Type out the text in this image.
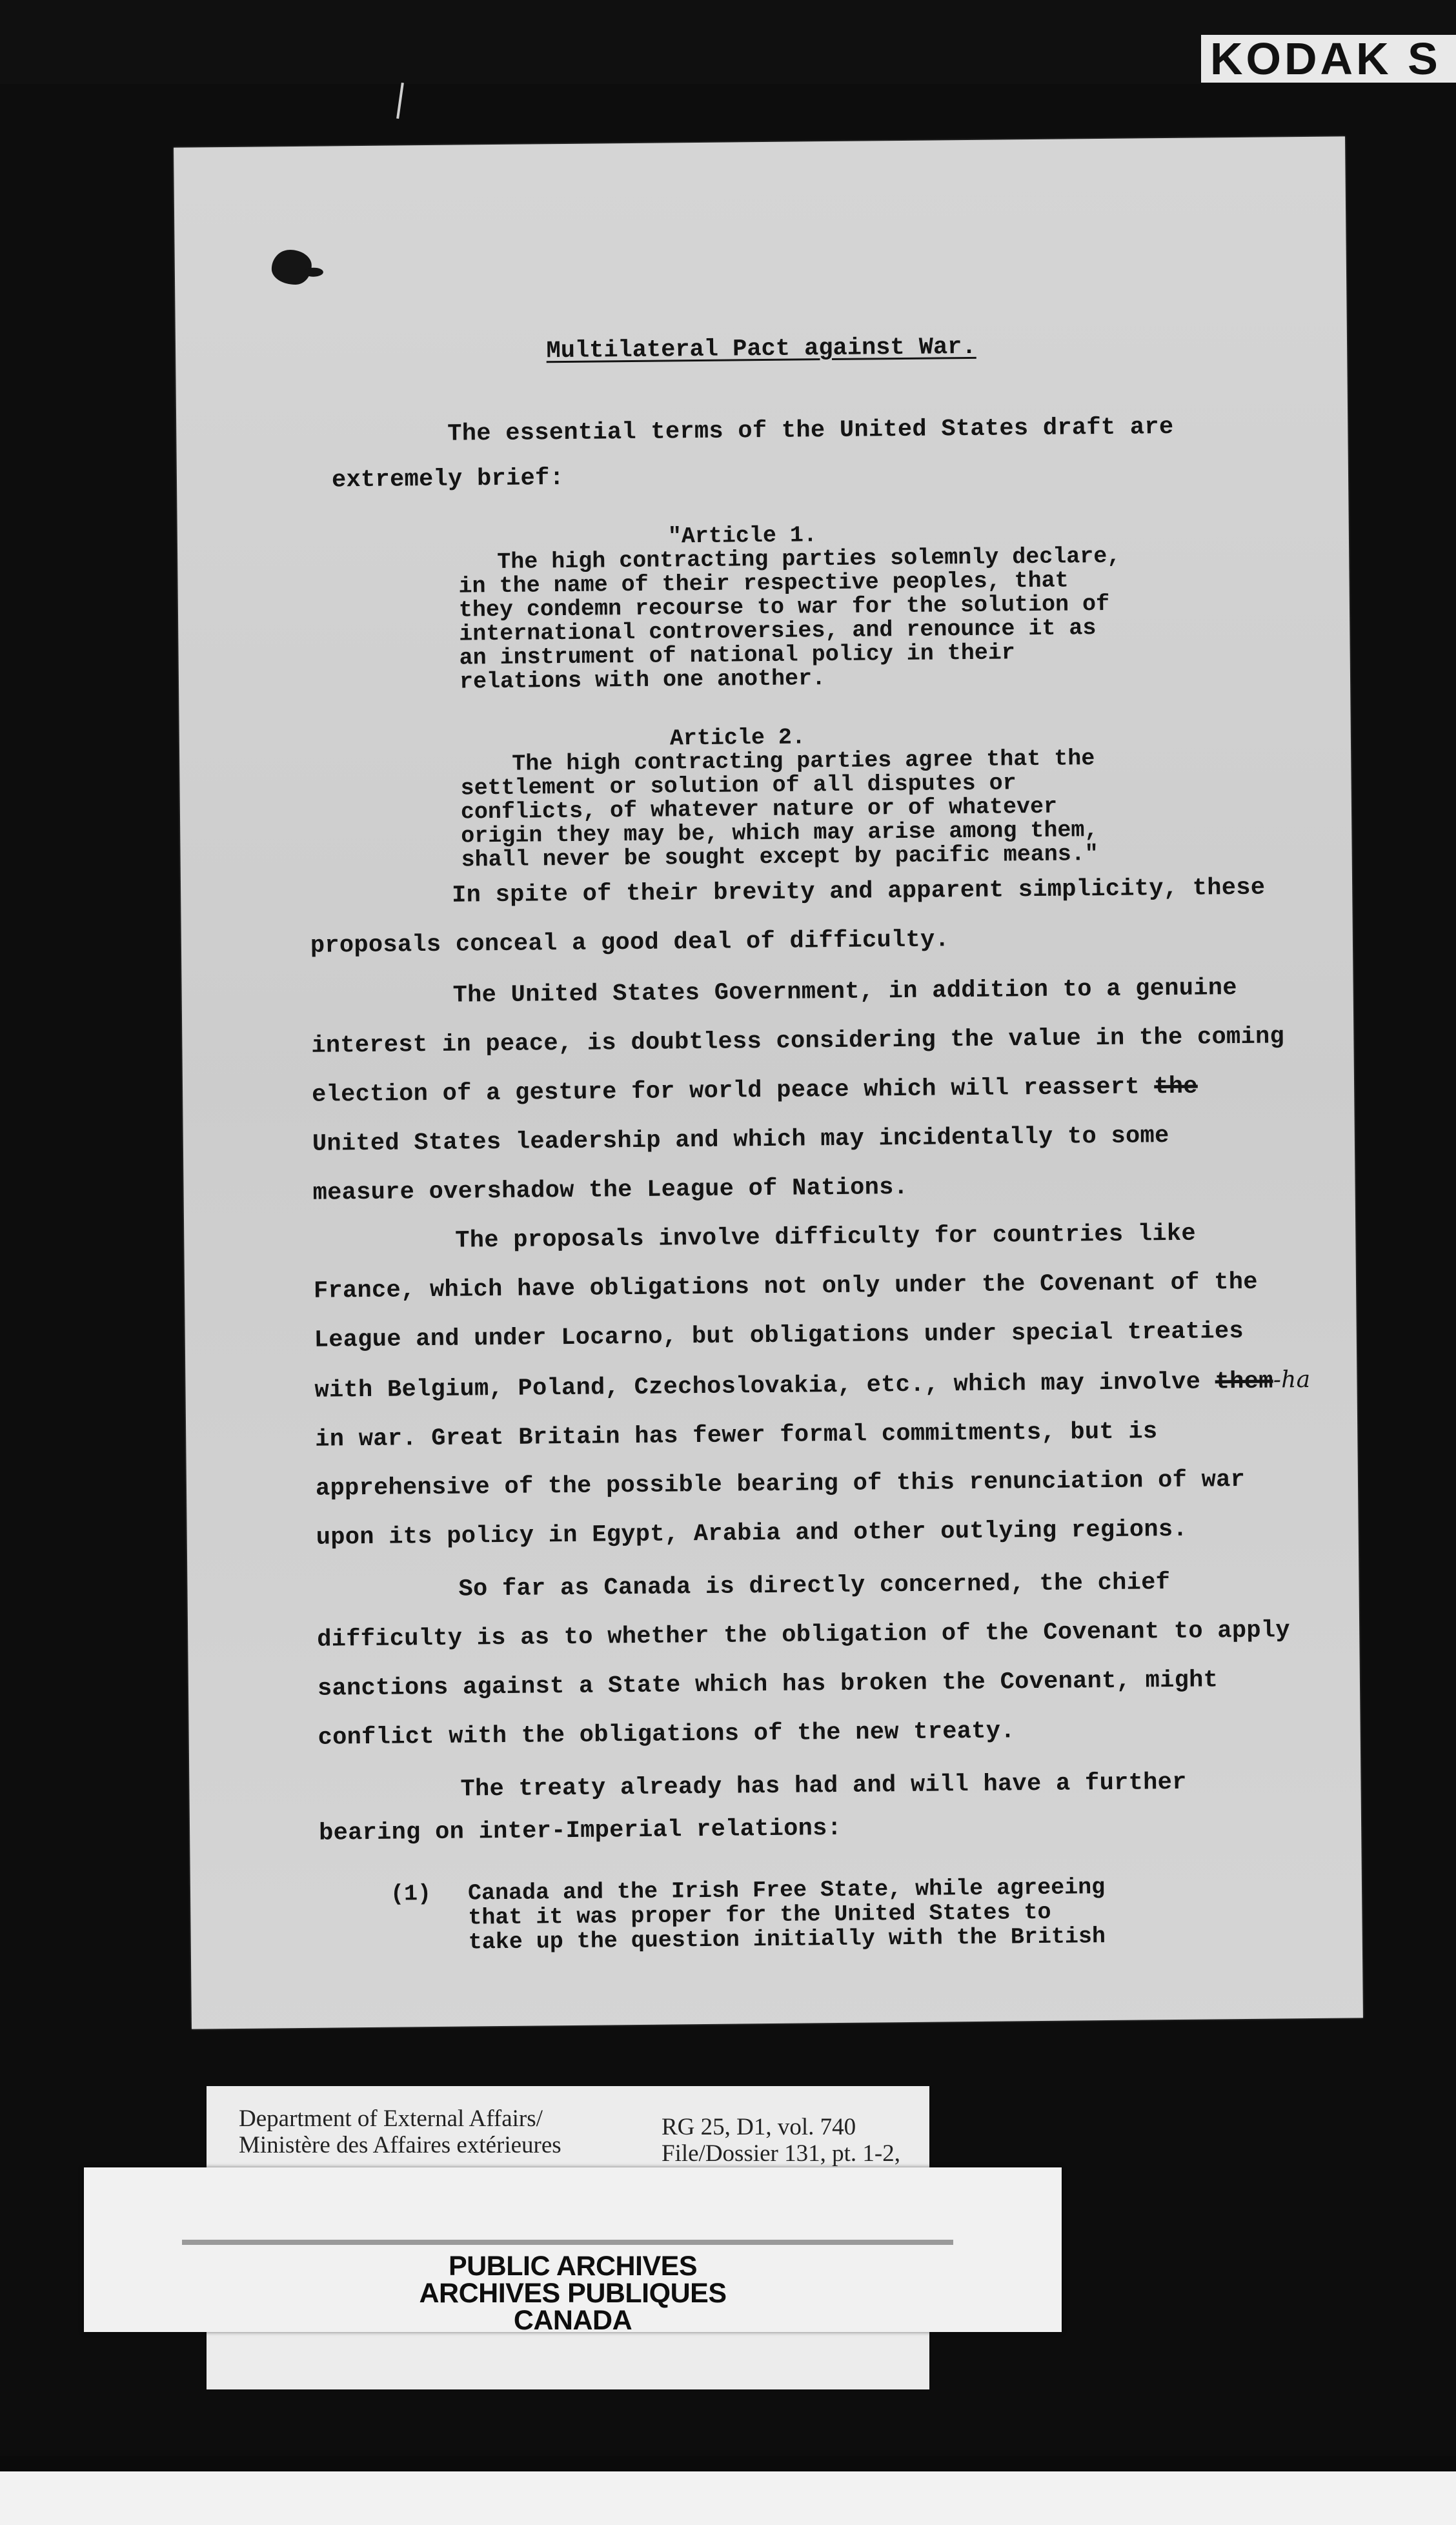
KODAK S
Multilateral Pact against War.
The essential terms of the United States draft are
extremely brief:
"Article 1.
The high contracting parties solemnly declare,
in the name of their respective peoples, that
they condemn recourse to war for the solution of
international controversies, and renounce it as
an instrument of national policy in their
relations with one another.
Article 2.
The high contracting parties agree that the
settlement or solution of all disputes or
conflicts, of whatever nature or of whatever
origin they may be, which may arise among them,
shall never be sought except by pacific means."
In spite of their brevity and apparent simplicity, these
proposals conceal a good deal of difficulty.
The United States Government, in addition to a genuine
interest in peace, is doubtless considering the value in the coming
election of a gesture for world peace which will reassert the
United States leadership and which may incidentally to some
measure overshadow the League of Nations.
The proposals involve difficulty for countries like
France, which have obligations not only under the Covenant of the
League and under Locarno, but obligations under special treaties
with Belgium, Poland, Czechoslovakia, etc., which may involve them-ha
in war. Great Britain has fewer formal commitments, but is
apprehensive of the possible bearing of this renunciation of war
upon its policy in Egypt, Arabia and other outlying regions.
So far as Canada is directly concerned, the chief
difficulty is as to whether the obligation of the Covenant to apply
sanctions against a State which has broken the Covenant, might
conflict with the obligations of the new treaty.
The treaty already has had and will have a further
bearing on inter-Imperial relations:
(1) Canada and the Irish Free State, while agreeing
that it was proper for the United States to
take up the question initially with the British
Department of External Affairs/
Ministère des Affaires extérieures
RG 25, D1, vol. 740
File/Dossier 131, pt. 1-2,
PUBLIC ARCHIVES
ARCHIVES PUBLIQUES
CANADA
